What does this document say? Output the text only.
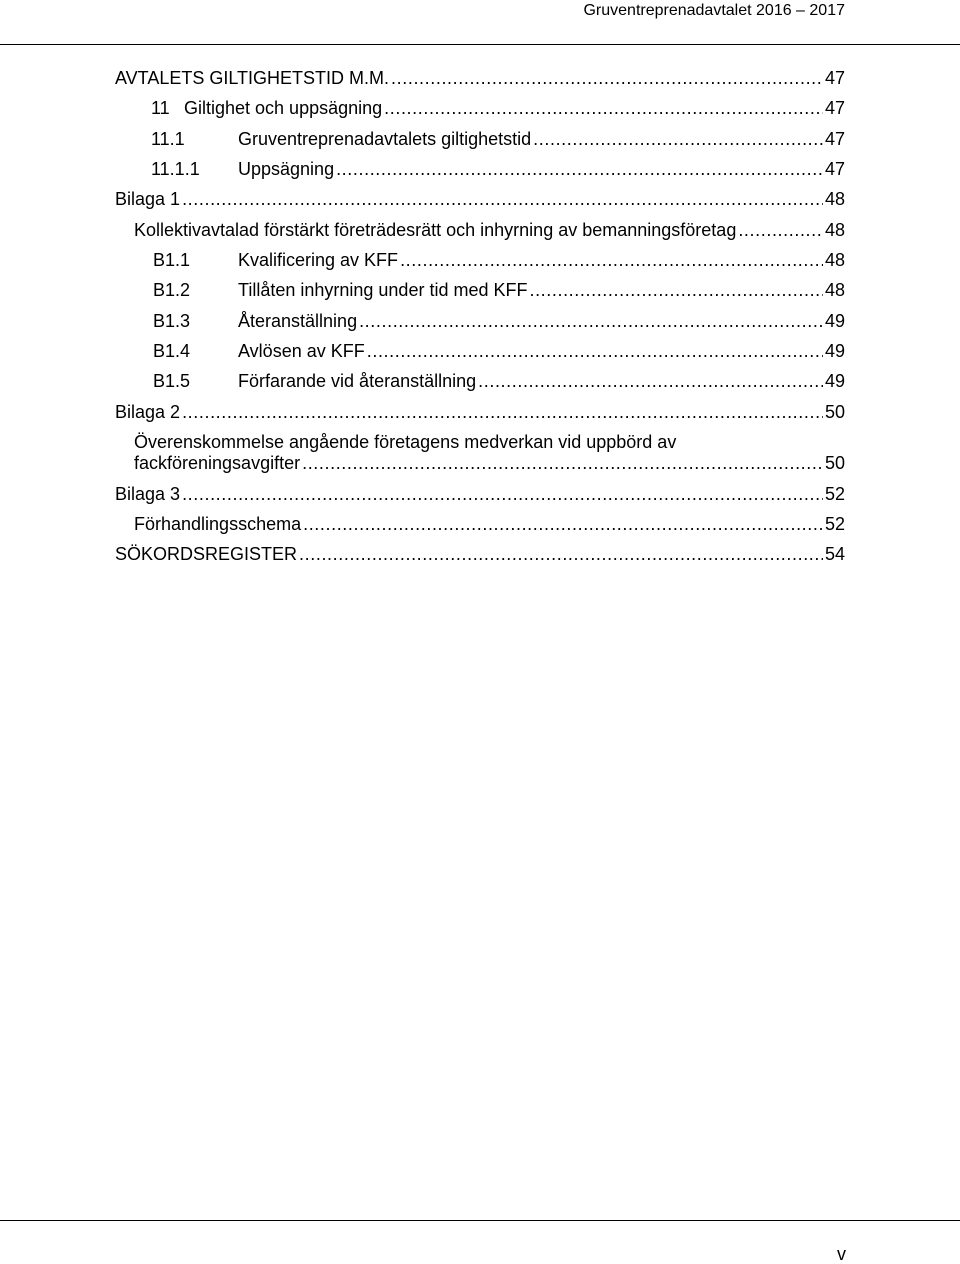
Gruventreprenadavtalet 2016 – 2017
AVTALETS GILTIGHETSTID M.M. . . .	47
11 Giltighet och uppsägning . . .	47
11.1	Gruventreprenadavtalets giltighetstid . . .	47
11.1.1 Uppsägning . . .	47
Bilaga 1 . . .	48
Kollektivavtalad förstärkt företrädesrätt och inhyrning av bemanningsföretag . . .	48
B1.1	Kvalificering av KFF . . .	48
B1.2	Tillåten inhyrning under tid med KFF . . .	48
B1.3	Återanställning . . .	49
B1.4	Avlösen av KFF . . .	49
B1.5	Förfarande vid återanställning . . .	49
Bilaga 2 . . .	50
Överenskommelse angående företagens medverkan vid uppbörd av
fackföreningsavgifter . . .	50
Bilaga 3 . . .	52
Förhandlingsschema . . .	52
SÖKORDSREGISTER . . .	54
v
